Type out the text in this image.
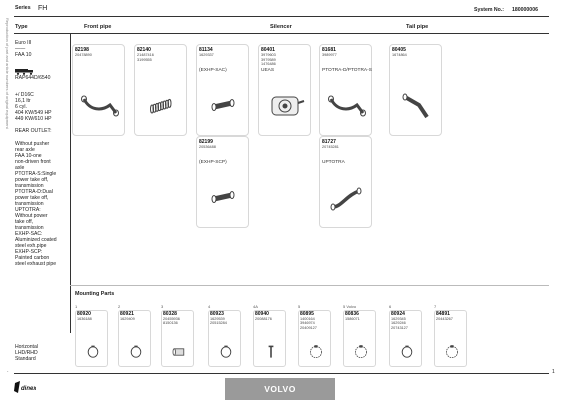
Reproduction of part and article numbers of original equipment
Series FH	System No.: 180000006
Type	Front pipe	Silencer	Tail pipe
Euro III
——
FAA 10
RAP644D/6540
+/ D16C
16,1 ltr
6 cyl.
404 KW/549 HP
449 KW/610 HP
REAR OUTLET:
Without pusher
rear axle
FAA 10-one
non-driven front
axle
PTOTRA-S:Single
power take off,
transmission
PTOTRA-D:Dual
power take off,
transmission
UPTOTRA:
Without power
take off,
transmission
EXHP-SAC:
Aluminized coated
steel exh.pipe
EXHP-SCP:
Painted carbon
steel exhaust pipe
Horizontal
LHD/RHD
Standard
82198
20478890
82140
21487416
3199555
81134
1629337
(EXHP-SAC)
80401
3979603
3979589
1476486
UEAS
81681
3989977
PTOTRA-D/PTOTRA-S
80405
1674864
82199
20536488
(EXHP-SCP)
81727
20745281
UPTOTRA
Mounting Parts
1
80920
1636188
2
80921
1629409
3
80328
20455936
8150136
4
80923
1629539
20515284
4A
80940
20088176
5
80895
1400164
3946974
20409127
5 Volvo
80836
1586071
6
80924
1629345
1629246
20743127
7
84891
20443267
-	1
dinex	VOLVO
